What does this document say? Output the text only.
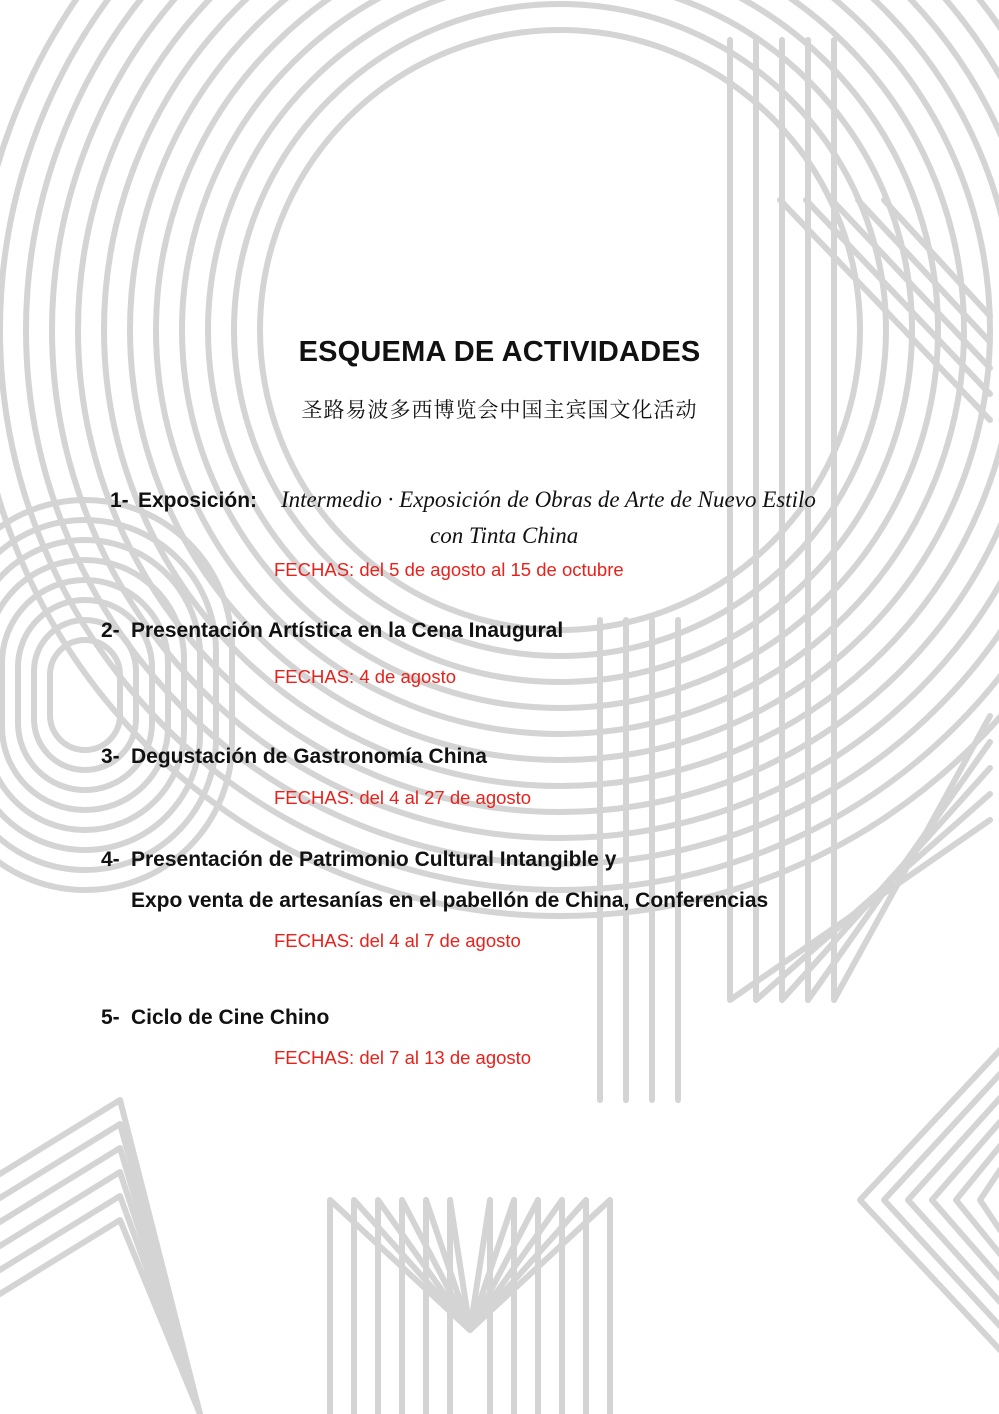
ESQUEMA DE ACTIVIDADES
圣路易波多西博览会中国主宾国文化活动
1- Exposición: Intermedio · Exposición de Obras de Arte de Nuevo Estilo
con Tinta China
FECHAS: del 5 de agosto al 15 de octubre
2- Presentación Artística en la Cena Inaugural
FECHAS: 4 de agosto
3- Degustación de Gastronomía China
FECHAS: del 4 al 27 de agosto
4- Presentación de Patrimonio Cultural Intangible y
Expo venta de artesanías en el pabellón de China, Conferencias
FECHAS: del 4 al 7 de agosto
5- Ciclo de Cine Chino
FECHAS: del 7 al 13 de agosto
